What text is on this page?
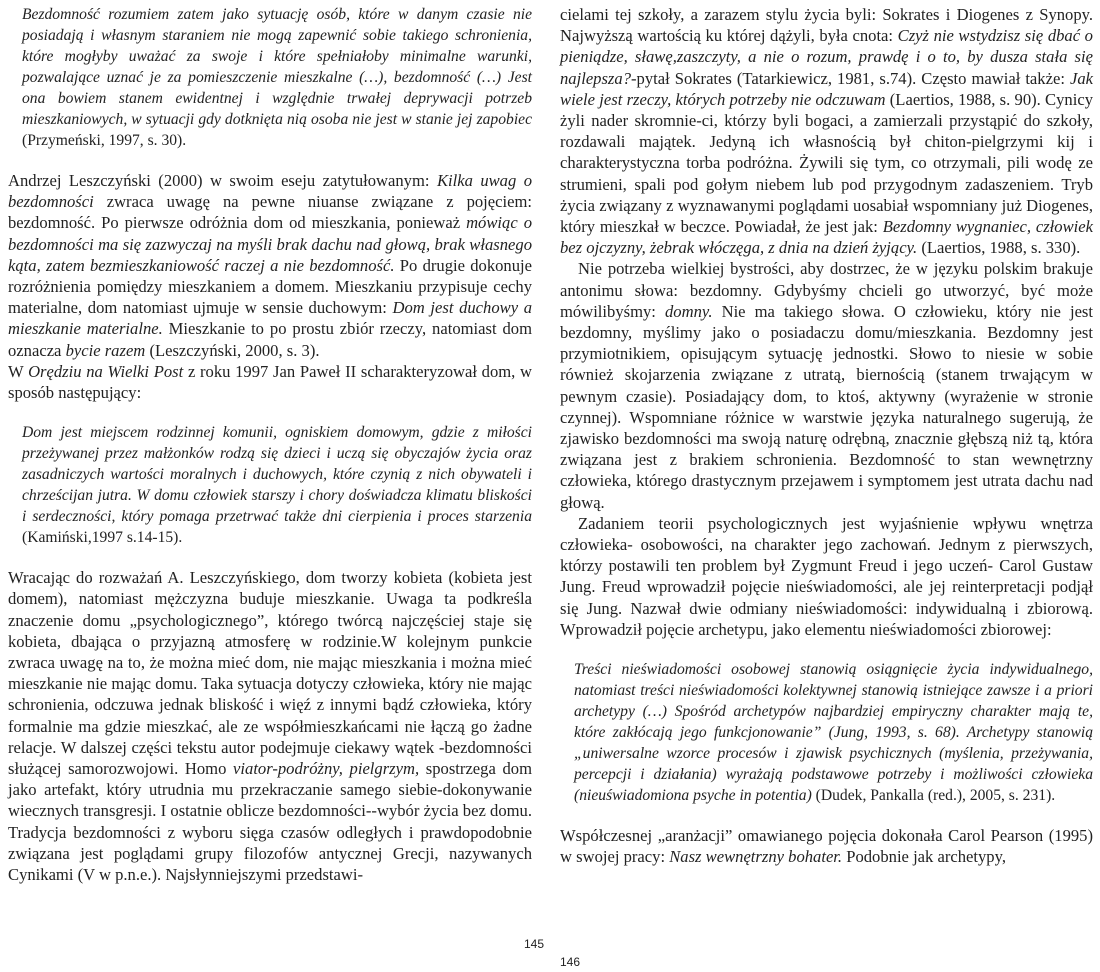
Bezdomność rozumiem zatem jako sytuację osób, które w danym czasie nie posiadają i własnym staraniem nie mogą zapewnić sobie takiego schronienia, które mogłyby uważać za swoje i które spełniałoby minimalne warunki, pozwalające uznać je za pomieszczenie mieszkalne (…), bezdomność (…) Jest ona bowiem stanem ewidentnej i względnie trwałej deprywacji potrzeb mieszkaniowych, w sytuacji gdy dotknięta nią osoba nie jest w stanie jej zapobiec (Przymeński, 1997, s. 30).

Andrzej Leszczyński (2000) w swoim eseju zatytułowanym: Kilka uwag o bezdomności zwraca uwagę na pewne niuanse związane z pojęciem: bezdomność. Po pierwsze odróżnia dom od mieszkania, ponieważ mówiąc o bezdomności ma się zazwyczaj na myśli brak dachu nad głową, brak własnego kąta, zatem bezmieszkaniowość raczej a nie bezdomność. Po drugie dokonuje rozróżnienia pomiędzy mieszkaniem a domem. Mieszkaniu przypisuje cechy materialne, dom natomiast ujmuje w sensie duchowym: Dom jest duchowy a mieszkanie materialne. Mieszkanie to po prostu zbiór rzeczy, natomiast dom oznacza bycie razem (Leszczyński, 2000, s. 3).

W Orędziu na Wielki Post z roku 1997 Jan Paweł II scharakteryzował dom, w sposób następujący:

Dom jest miejscem rodzinnej komunii, ogniskiem domowym, gdzie z miłości przeżywanej przez małżonków rodzą się dzieci i uczą się obyczajów życia oraz zasadniczych wartości moralnych i duchowych, które czynią z nich obywateli i chrześcijan jutra. W domu człowiek starszy i chory doświadcza klimatu bliskości i serdeczności, który pomaga przetrwać także dni cierpienia i proces starzenia (Kamiński,1997 s.14-15).

Wracając do rozważań A. Leszczyńskiego, dom tworzy kobieta (kobieta jest domem), natomiast mężczyzna buduje mieszkanie. Uwaga ta podkreśla znaczenie domu „psychologicznego”, którego twórcą najczęściej staje się kobieta, dbająca o przyjazną atmosferę w rodzinie.W kolejnym punkcie zwraca uwagę na to, że można mieć dom, nie mając mieszkania i można mieć mieszkanie nie mając domu. Taka sytuacja dotyczy człowieka, który nie mając schronienia, odczuwa jednak bliskość i więź z innymi bądź człowieka, który formalnie ma gdzie mieszkać, ale ze współmieszkańcami nie łączą go żadne relacje. W dalszej części tekstu autor podejmuje ciekawy wątek -bezdomności służącej samorozwojowi. Homo viator-podróżny, pielgrzym, spostrzega dom jako artefakt, który utrudnia mu przekraczanie samego siebie-dokonywanie wiecznych transgresji. I ostatnie oblicze bezdomności--wybór życia bez domu. Tradycja bezdomności z wyboru sięga czasów odległych i prawdopodobnie związana jest poglądami grupy filozofów antycznej Grecji, nazywanych Cynikami (V w p.n.e.). Najsłynniejszymi przedstawi-

cielami tej szkoły, a zarazem stylu życia byli: Sokrates i Diogenes z Synopy. Najwyższą wartością ku której dążyli, była cnota: Czyż nie wstydzisz się dbać o pieniądze, sławę,zaszczyty, a nie o rozum, prawdę i o to, by dusza stała się najlepsza?-pytał Sokrates (Tatarkiewicz, 1981, s.74). Często mawiał także: Jak wiele jest rzeczy, których potrzeby nie odczuwam (Laertios, 1988, s. 90). Cynicy żyli nader skromnie-ci, którzy byli bogaci, a zamierzali przystąpić do szkoły, rozdawali majątek. Jedyną ich własnością był chiton-pielgrzymi kij i charakterystyczna torba podróżna. Żywili się tym, co otrzymali, pili wodę ze strumieni, spali pod gołym niebem lub pod przygodnym zadaszeniem. Tryb życia związany z wyznawanymi poglądami uosabiał wspomniany już Diogenes, który mieszkał w beczce. Powiadał, że jest jak: Bezdomny wygnaniec, człowiek bez ojczyzny, żebrak włóczęga, z dnia na dzień żyjący. (Laertios, 1988, s. 330).

Nie potrzeba wielkiej bystrości, aby dostrzec, że w języku polskim brakuje antonimu słowa: bezdomny. Gdybyśmy chcieli go utworzyć, być może mówilibyśmy: domny. Nie ma takiego słowa. O człowieku, który nie jest bezdomny, myślimy jako o posiadaczu domu/mieszkania. Bezdomny jest przymiotnikiem, opisującym sytuację jednostki. Słowo to niesie w sobie również skojarzenia związane z utratą, biernością (stanem trwającym w pewnym czasie). Posiadający dom, to ktoś, aktywny (wyrażenie w stronie czynnej). Wspomniane różnice w warstwie języka naturalnego sugerują, że zjawisko bezdomności ma swoją naturę odrębną, znacznie głębszą niż tą, która związana jest z brakiem schronienia. Bezdomność to stan wewnętrzny człowieka, którego drastycznym przejawem i symptomem jest utrata dachu nad głową.

Zadaniem teorii psychologicznych jest wyjaśnienie wpływu wnętrza człowieka- osobowości, na charakter jego zachowań. Jednym z pierwszych, którzy postawili ten problem był Zygmunt Freud i jego uczeń- Carol Gustaw Jung. Freud wprowadził pojęcie nieświadomości, ale jej reinterpretacji podjął się Jung. Nazwał dwie odmiany nieświadomości: indywidualną i zbiorową. Wprowadził pojęcie archetypu, jako elementu nieświadomości zbiorowej:

Treści nieświadomości osobowej stanowią osiągnięcie życia indywidualnego, natomiast treści nieświadomości kolektywnej stanowią istniejące zawsze i a priori archetypy (…) Spośród archetypów najbardziej empiryczny charakter mają te, które zakłócają jego funkcjonowanie” (Jung, 1993, s. 68). Archetypy stanowią „uniwersalne wzorce procesów i zjawisk psychicznych (myślenia, przeżywania, percepcji i działania) wyrażają podstawowe potrzeby i możliwości człowieka (nieuświadomiona psyche in potentia) (Dudek, Pankalla (red.), 2005, s. 231).

Współczesnej „aranżacji” omawianego pojęcia dokonała Carol Pearson (1995) w swojej pracy: Nasz wewnętrzny bohater. Podobnie jak archetypy,

145
146
